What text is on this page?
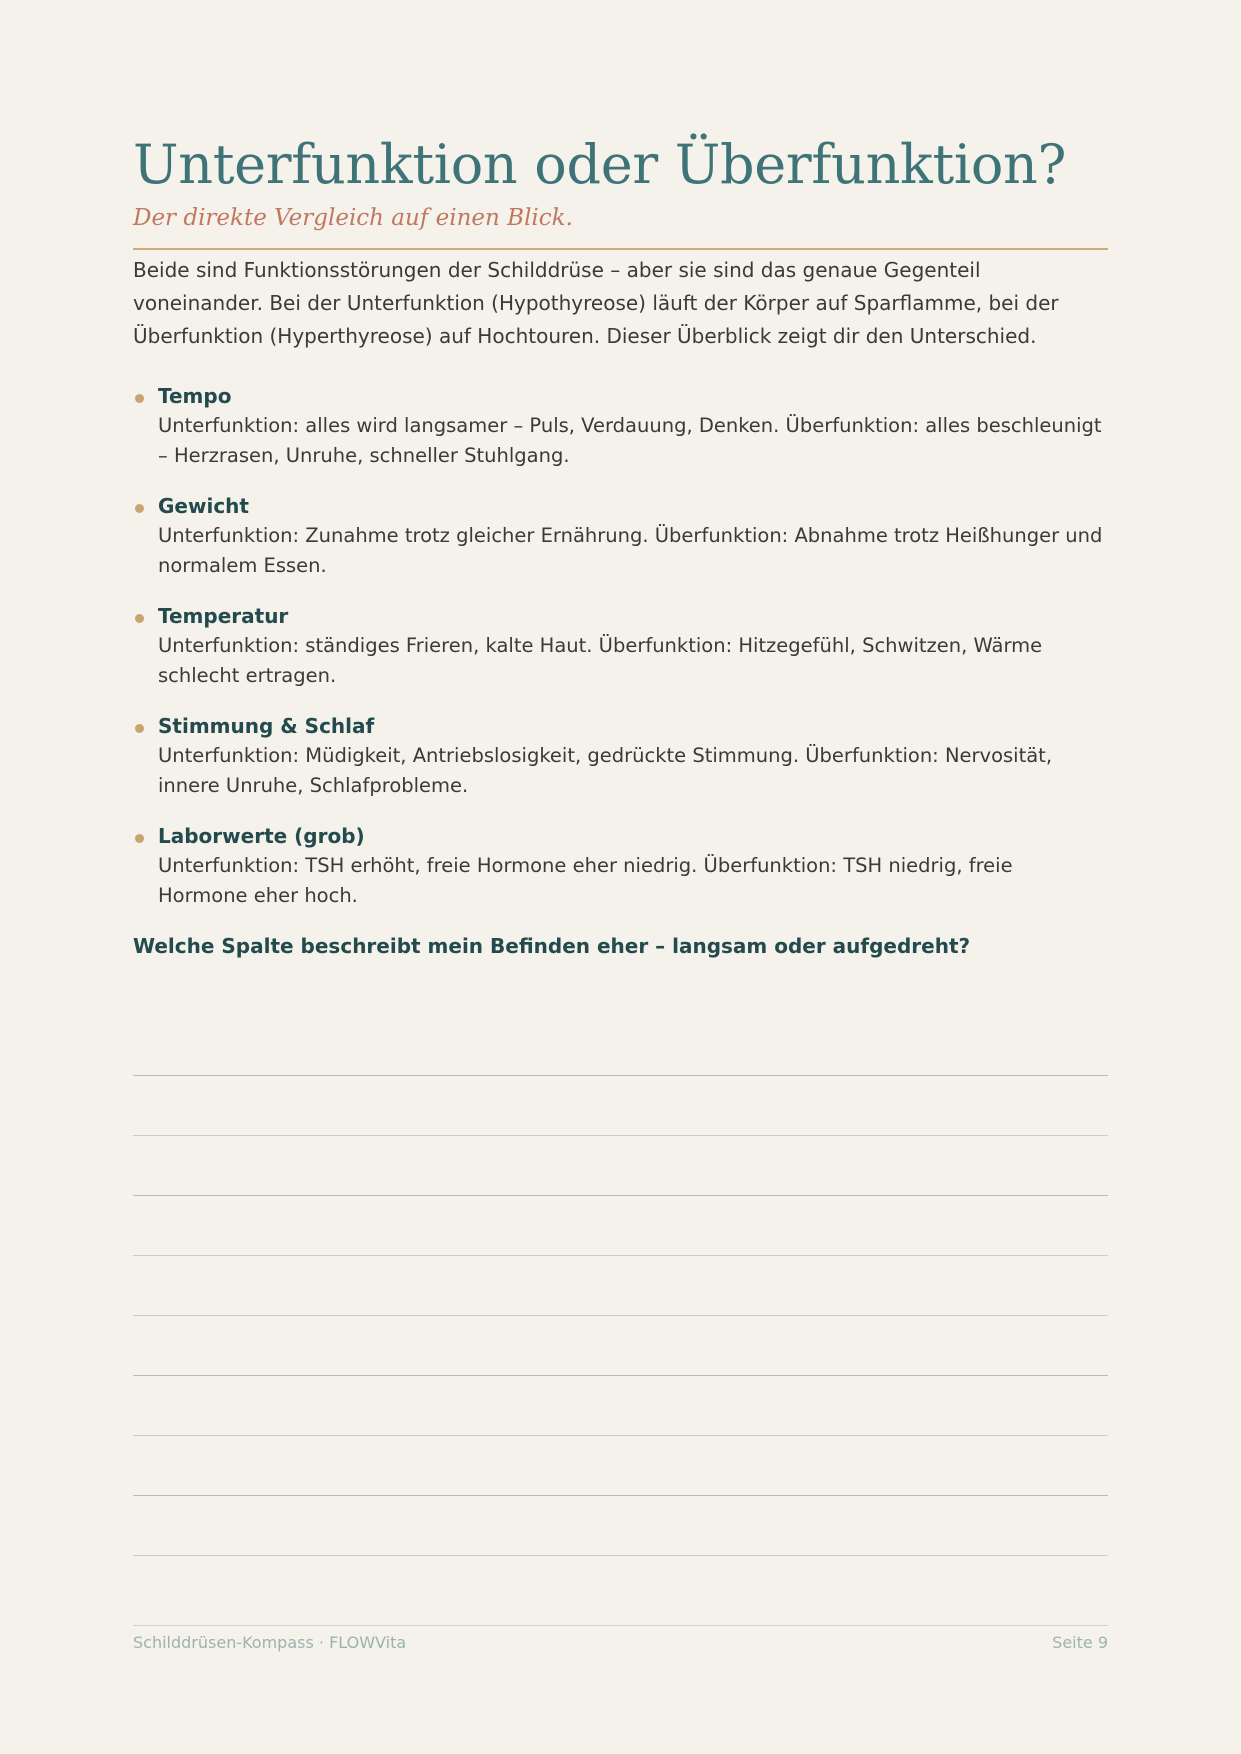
Unterfunktion oder Überfunktion?
Der direkte Vergleich auf einen Blick.

Beide sind Funktionsstörungen der Schilddrüse – aber sie sind das genaue Gegenteil voneinander. Bei der Unterfunktion (Hypothyreose) läuft der Körper auf Sparflamme, bei der Überfunktion (Hyperthyreose) auf Hochtouren. Dieser Überblick zeigt dir den Unterschied.

Tempo
Unterfunktion: alles wird langsamer – Puls, Verdauung, Denken. Überfunktion: alles beschleunigt – Herzrasen, Unruhe, schneller Stuhlgang.
Gewicht
Unterfunktion: Zunahme trotz gleicher Ernährung. Überfunktion: Abnahme trotz Heißhunger und normalem Essen.
Temperatur
Unterfunktion: ständiges Frieren, kalte Haut. Überfunktion: Hitzegefühl, Schwitzen, Wärme schlecht ertragen.
Stimmung & Schlaf
Unterfunktion: Müdigkeit, Antriebslosigkeit, gedrückte Stimmung. Überfunktion: Nervosität, innere Unruhe, Schlafprobleme.
Laborwerte (grob)
Unterfunktion: TSH erhöht, freie Hormone eher niedrig. Überfunktion: TSH niedrig, freie Hormone eher hoch.

Welche Spalte beschreibt mein Befinden eher – langsam oder aufgedreht?

Schilddrüsen-Kompass · FLOWVita	Seite 9
